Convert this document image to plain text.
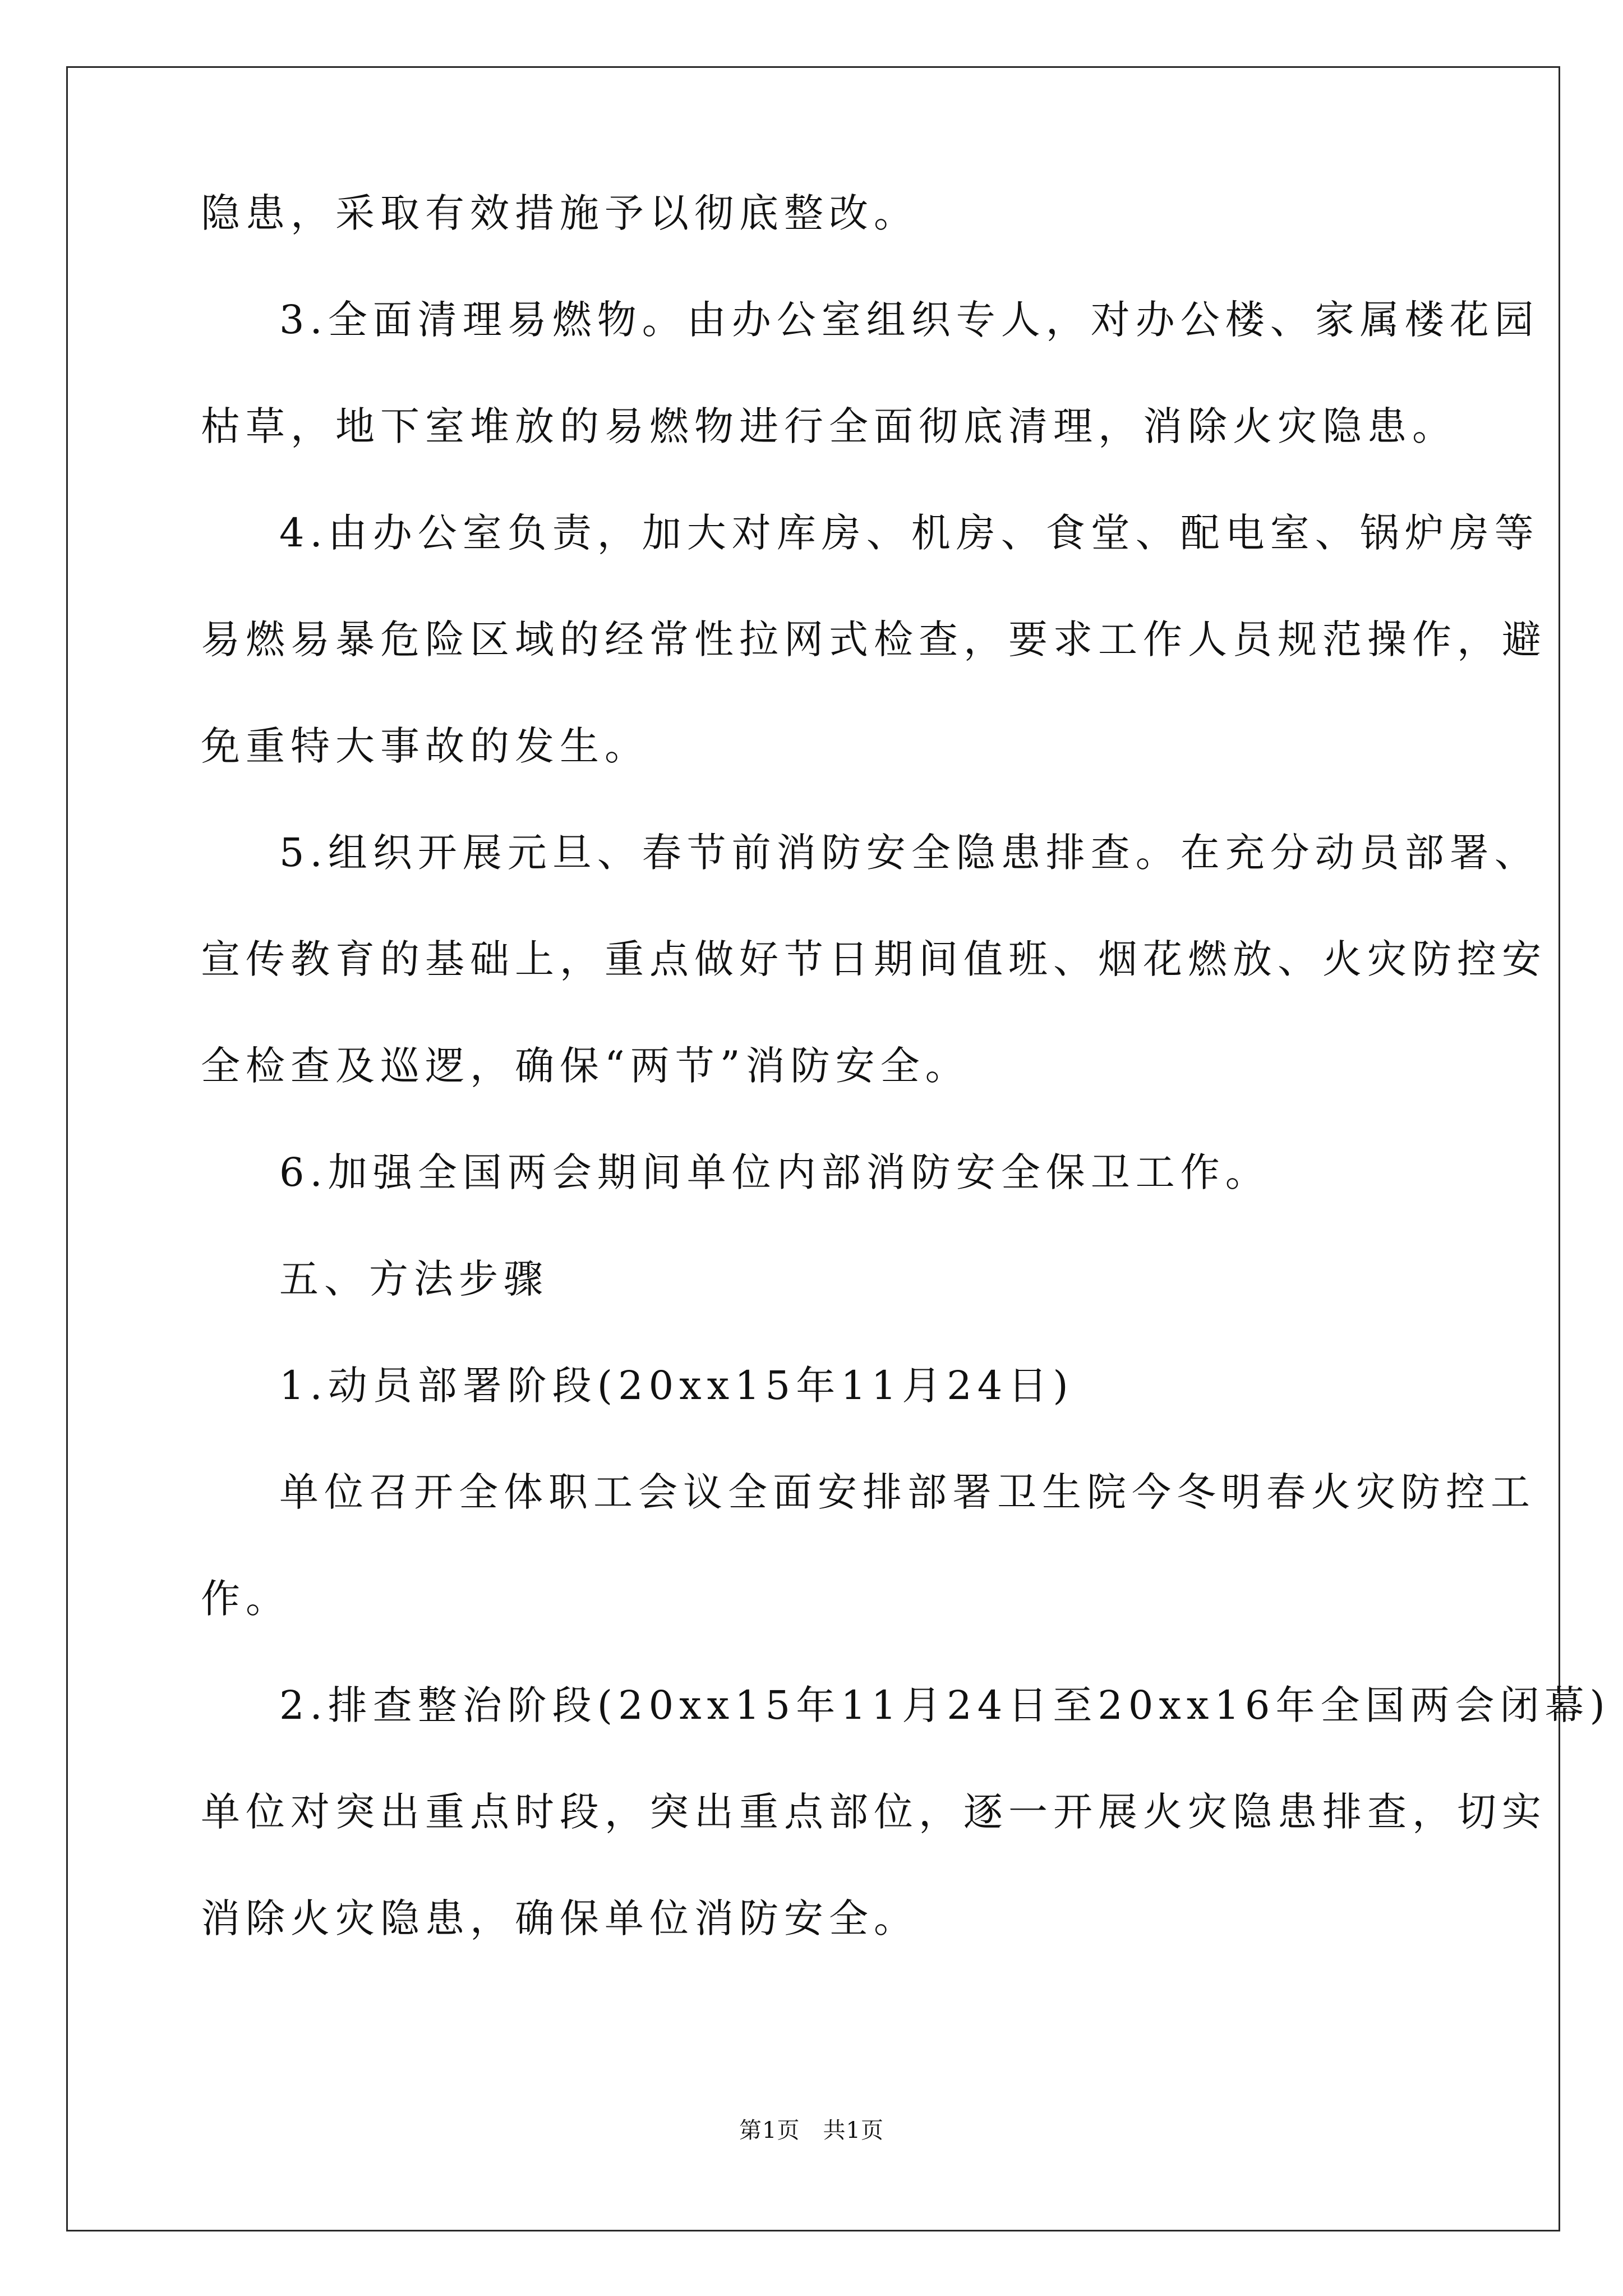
隐患，采取有效措施予以彻底整改。
3.全面清理易燃物。由办公室组织专人，对办公楼、家属楼花园
枯草，地下室堆放的易燃物进行全面彻底清理，消除火灾隐患。
4.由办公室负责，加大对库房、机房、食堂、配电室、锅炉房等
易燃易暴危险区域的经常性拉网式检查，要求工作人员规范操作，避
免重特大事故的发生。
5.组织开展元旦、春节前消防安全隐患排查。在充分动员部署、
宣传教育的基础上，重点做好节日期间值班、烟花燃放、火灾防控安
全检查及巡逻，确保“两节”消防安全。
6.加强全国两会期间单位内部消防安全保卫工作。
五、方法步骤
1.动员部署阶段(20xx15年11月24日)
单位召开全体职工会议全面安排部署卫生院今冬明春火灾防控工
作。
2.排查整治阶段(20xx15年11月24日至20xx16年全国两会闭幕)
单位对突出重点时段，突出重点部位，逐一开展火灾隐患排查，切实
消除火灾隐患，确保单位消防安全。
第1页　共1页
